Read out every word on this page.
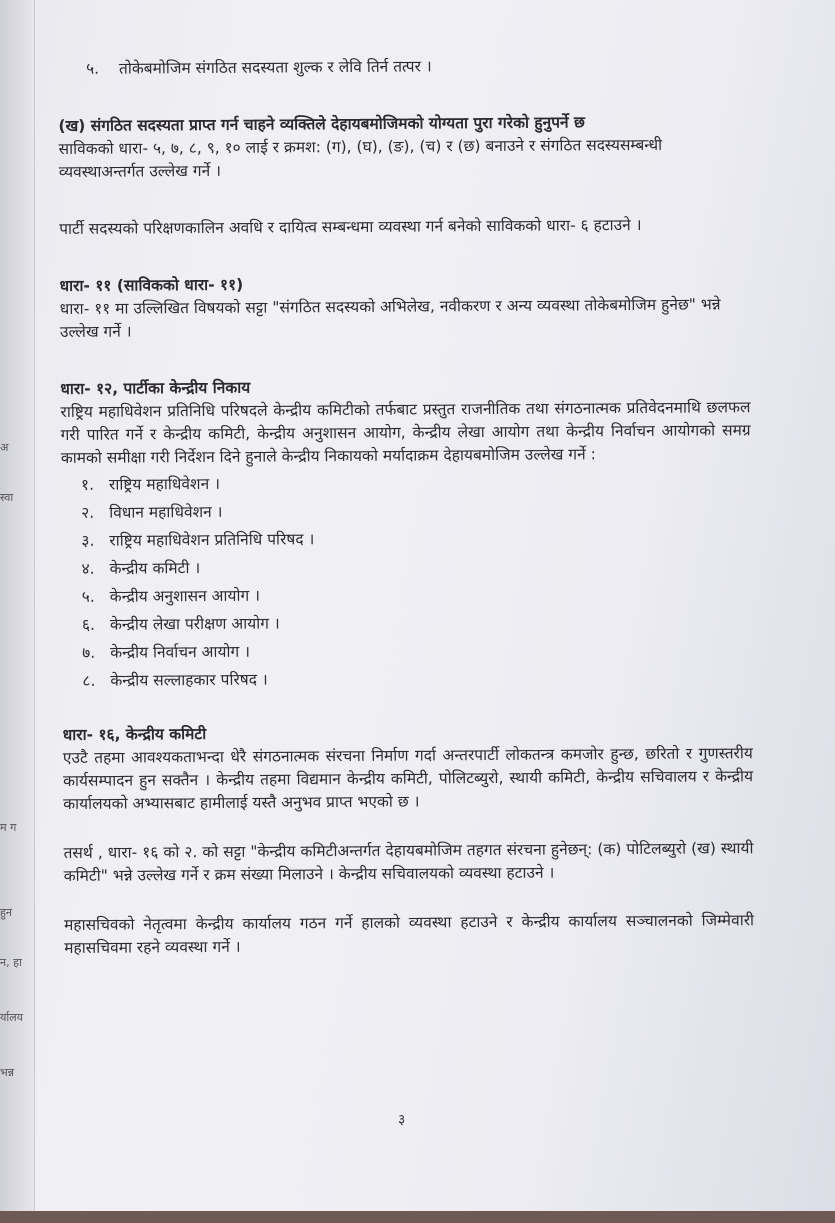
अ
स्वा
म ग
हुन
न, हा
र्यालय
भन्न

५. तोकेबमोजिम संगठित सदस्यता शुल्क र लेवि तिर्न तत्पर ।

(ख) संगठित सदस्यता प्राप्त गर्न चाहने व्यक्तिले देहायबमोजिमको योग्यता पुरा गरेको हुनुपर्ने छ

साविकको धारा- ५, ७, ८, ९, १० लाई र क्रमश: (ग), (घ), (ङ), (च) र (छ) बनाउने र संगठित सदस्यसम्बन्धी व्यवस्थाअन्तर्गत उल्लेख गर्ने ।

पार्टी सदस्यको परिक्षणकालिन अवधि र दायित्व सम्बन्धमा व्यवस्था गर्न बनेको साविकको धारा- ६ हटाउने ।

धारा- ११ (साविकको धारा- ११)

धारा- ११ मा उल्लिखित विषयको सट्टा "संगठित सदस्यको अभिलेख, नवीकरण र अन्य व्यवस्था तोकेबमोजिम हुनेछ" भन्ने उल्लेख गर्ने ।

धारा- १२, पार्टीका केन्द्रीय निकाय

राष्ट्रिय महाधिवेशन प्रतिनिधि परिषदले केन्द्रीय कमिटीको तर्फबाट प्रस्तुत राजनीतिक तथा संगठनात्मक प्रतिवेदनमाथि छलफल गरी पारित गर्ने र केन्द्रीय कमिटी, केन्द्रीय अनुशासन आयोग, केन्द्रीय लेखा आयोग तथा केन्द्रीय निर्वाचन आयोगको समग्र कामको समीक्षा गरी निर्देशन दिने हुनाले केन्द्रीय निकायको मर्यादाक्रम देहायबमोजिम उल्लेख गर्ने :

१. राष्ट्रिय महाधिवेशन ।
२. विधान महाधिवेशन ।
३. राष्ट्रिय महाधिवेशन प्रतिनिधि परिषद ।
४. केन्द्रीय कमिटी ।
५. केन्द्रीय अनुशासन आयोग ।
६. केन्द्रीय लेखा परीक्षण आयोग ।
७. केन्द्रीय निर्वाचन आयोग ।
८. केन्द्रीय सल्लाहकार परिषद ।

धारा- १६, केन्द्रीय कमिटी

एउटै तहमा आवश्यकताभन्दा धेरै संगठनात्मक संरचना निर्माण गर्दा अन्तरपार्टी लोकतन्त्र कमजोर हुन्छ, छरितो र गुणस्तरीय कार्यसम्पादन हुन सक्तैन । केन्द्रीय तहमा विद्यमान केन्द्रीय कमिटी, पोलिटब्युरो, स्थायी कमिटी, केन्द्रीय सचिवालय र केन्द्रीय कार्यालयको अभ्यासबाट हामीलाई यस्तै अनुभव प्राप्त भएको छ ।

तसर्थ , धारा- १६ को २. को सट्टा "केन्द्रीय कमिटीअन्तर्गत देहायबमोजिम तहगत संरचना हुनेछन्: (क) पोटिलब्युरो (ख) स्थायी कमिटी" भन्ने उल्लेख गर्ने र क्रम संख्या मिलाउने । केन्द्रीय सचिवालयको व्यवस्था हटाउने ।

महासचिवको नेतृत्वमा केन्द्रीय कार्यालय गठन गर्ने हालको व्यवस्था हटाउने र केन्द्रीय कार्यालय सञ्चालनको जिम्मेवारी महासचिवमा रहने व्यवस्था गर्ने ।

३
